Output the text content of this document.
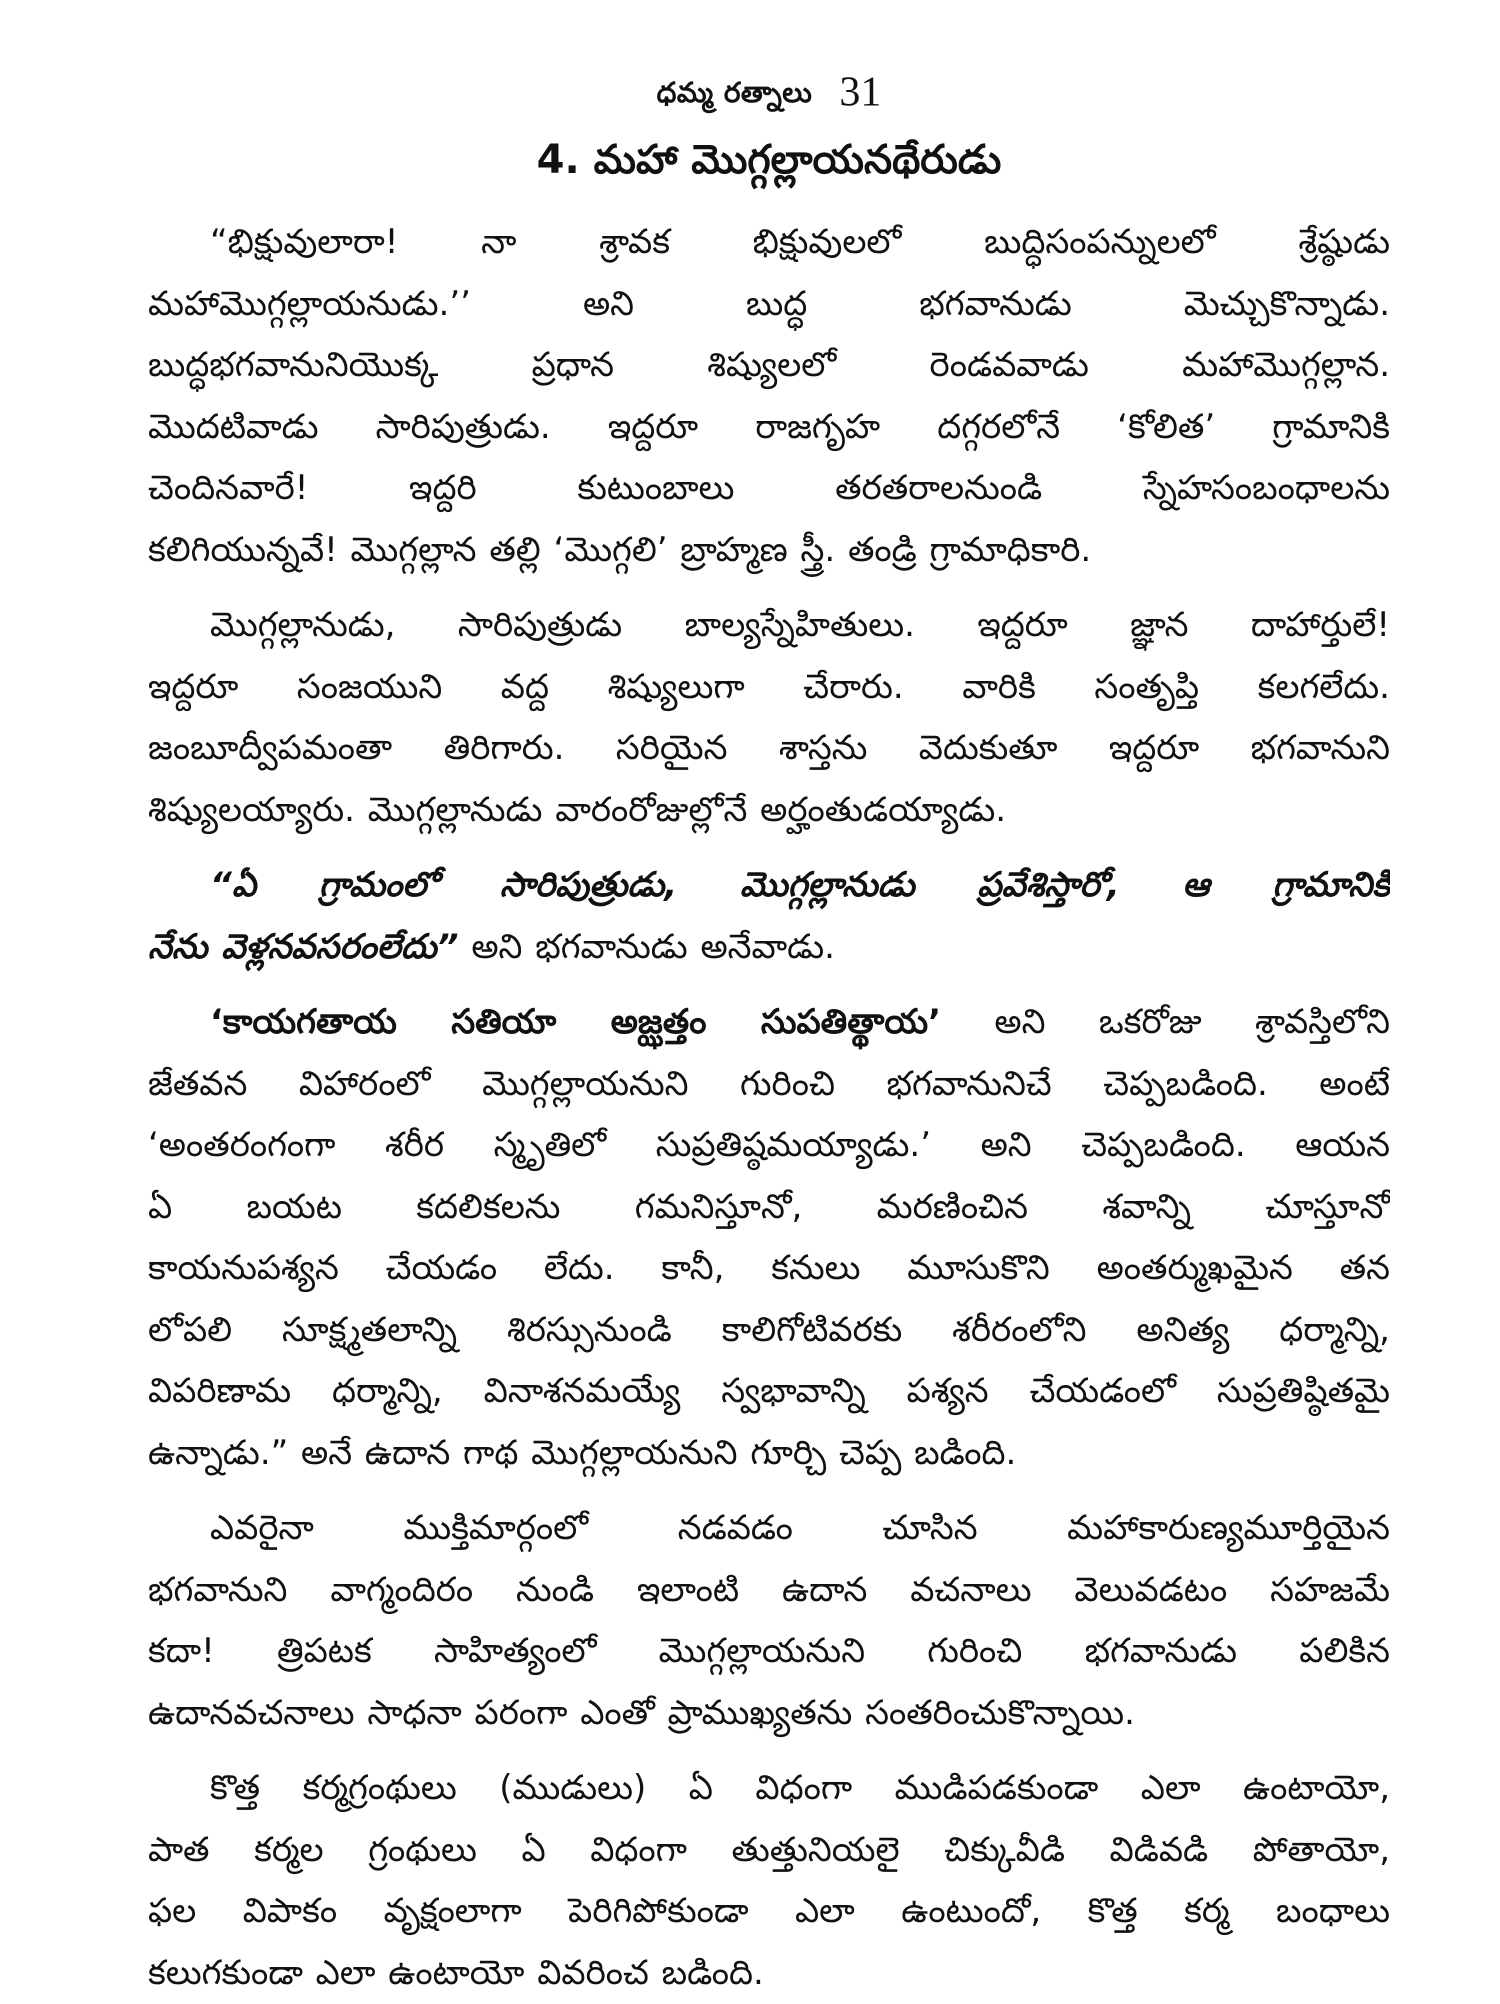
ధమ్మ రత్నాలు 31
4. మహా మొగ్గల్లాయనథేరుడు
“భిక్షువులారా! నా శ్రావక భిక్షువులలో బుద్ధిసంపన్నులలో శ్రేష్ఠుడు
మహామొగ్గల్లాయనుడు.’’ అని బుద్ధ భగవానుడు మెచ్చుకొన్నాడు.
బుద్ధభగవానునియొక్క ప్రధాన శిష్యులలో రెండవవాడు మహామొగ్గల్లాన.
మొదటివాడు సారిపుత్రుడు. ఇద్దరూ రాజగృహ దగ్గరలోనే ‘కోలిత’ గ్రామానికి
చెందినవారే! ఇద్దరి కుటుంబాలు తరతరాలనుండి స్నేహసంబంధాలను
కలిగియున్నవే! మొగ్గల్లాన తల్లి ‘మొగ్గలి’ బ్రాహ్మణ స్త్రీ. తండ్రి గ్రామాధికారి.
మొగ్గల్లానుడు, సారిపుత్రుడు బాల్యస్నేహితులు. ఇద్దరూ జ్ఞాన దాహార్తులే!
ఇద్దరూ సంజయుని వద్ద శిష్యులుగా చేరారు. వారికి సంతృప్తి కలగలేదు.
జంబూద్వీపమంతా తిరిగారు. సరియైన శాస్తను వెదుకుతూ ఇద్దరూ భగవానుని
శిష్యులయ్యారు. మొగ్గల్లానుడు వారంరోజుల్లోనే అర్హంతుడయ్యాడు.
“ఏ గ్రామంలో సారిపుత్రుడు, మొగ్గల్లానుడు ప్రవేశిస్తారో, ఆ గ్రామానికి
నేను వెళ్లనవసరంలేదు” అని భగవానుడు అనేవాడు.
‘కాయగతాయ సతియా అజ్ఝత్తం సుపతిత్థాయ’ అని ఒకరోజు శ్రావస్తిలోని
జేతవన విహారంలో మొగ్గల్లాయనుని గురించి భగవానునిచే చెప్పబడింది. అంటే
‘అంతరంగంగా శరీర స్మృతిలో సుప్రతిష్ఠమయ్యాడు.’ అని చెప్పబడింది. ఆయన
ఏ బయట కదలికలను గమనిస్తూనో, మరణించిన శవాన్ని చూస్తూనో
కాయనుపశ్యన చేయడం లేదు. కానీ, కనులు మూసుకొని అంతర్ముఖమైన తన
లోపలి సూక్ష్మతలాన్ని శిరస్సునుండి కాలిగోటివరకు శరీరంలోని అనిత్య ధర్మాన్ని,
విపరిణామ ధర్మాన్ని, వినాశనమయ్యే స్వభావాన్ని పశ్యన చేయడంలో సుప్రతిష్ఠితమై
ఉన్నాడు.” అనే ఉదాన గాథ మొగ్గల్లాయనుని గూర్చి చెప్ప బడింది.
ఎవరైనా ముక్తిమార్గంలో నడవడం చూసిన మహాకారుణ్యమూర్తియైన
భగవానుని వాగ్మందిరం నుండి ఇలాంటి ఉదాన వచనాలు వెలువడటం సహజమే
కదా! త్రిపటక సాహిత్యంలో మొగ్గల్లాయనుని గురించి భగవానుడు పలికిన
ఉదానవచనాలు సాధనా పరంగా ఎంతో ప్రాముఖ్యతను సంతరించుకొన్నాయి.
కొత్త కర్మగ్రంథులు (ముడులు) ఏ విధంగా ముడిపడకుండా ఎలా ఉంటాయో,
పాత కర్మల గ్రంథులు ఏ విధంగా తుత్తునియలై చిక్కువీడి విడివడి పోతాయో,
ఫల విపాకం వృక్షంలాగా పెరిగిపోకుండా ఎలా ఉంటుందో, కొత్త కర్మ బంధాలు
కలుగకుండా ఎలా ఉంటాయో వివరించ బడింది.
